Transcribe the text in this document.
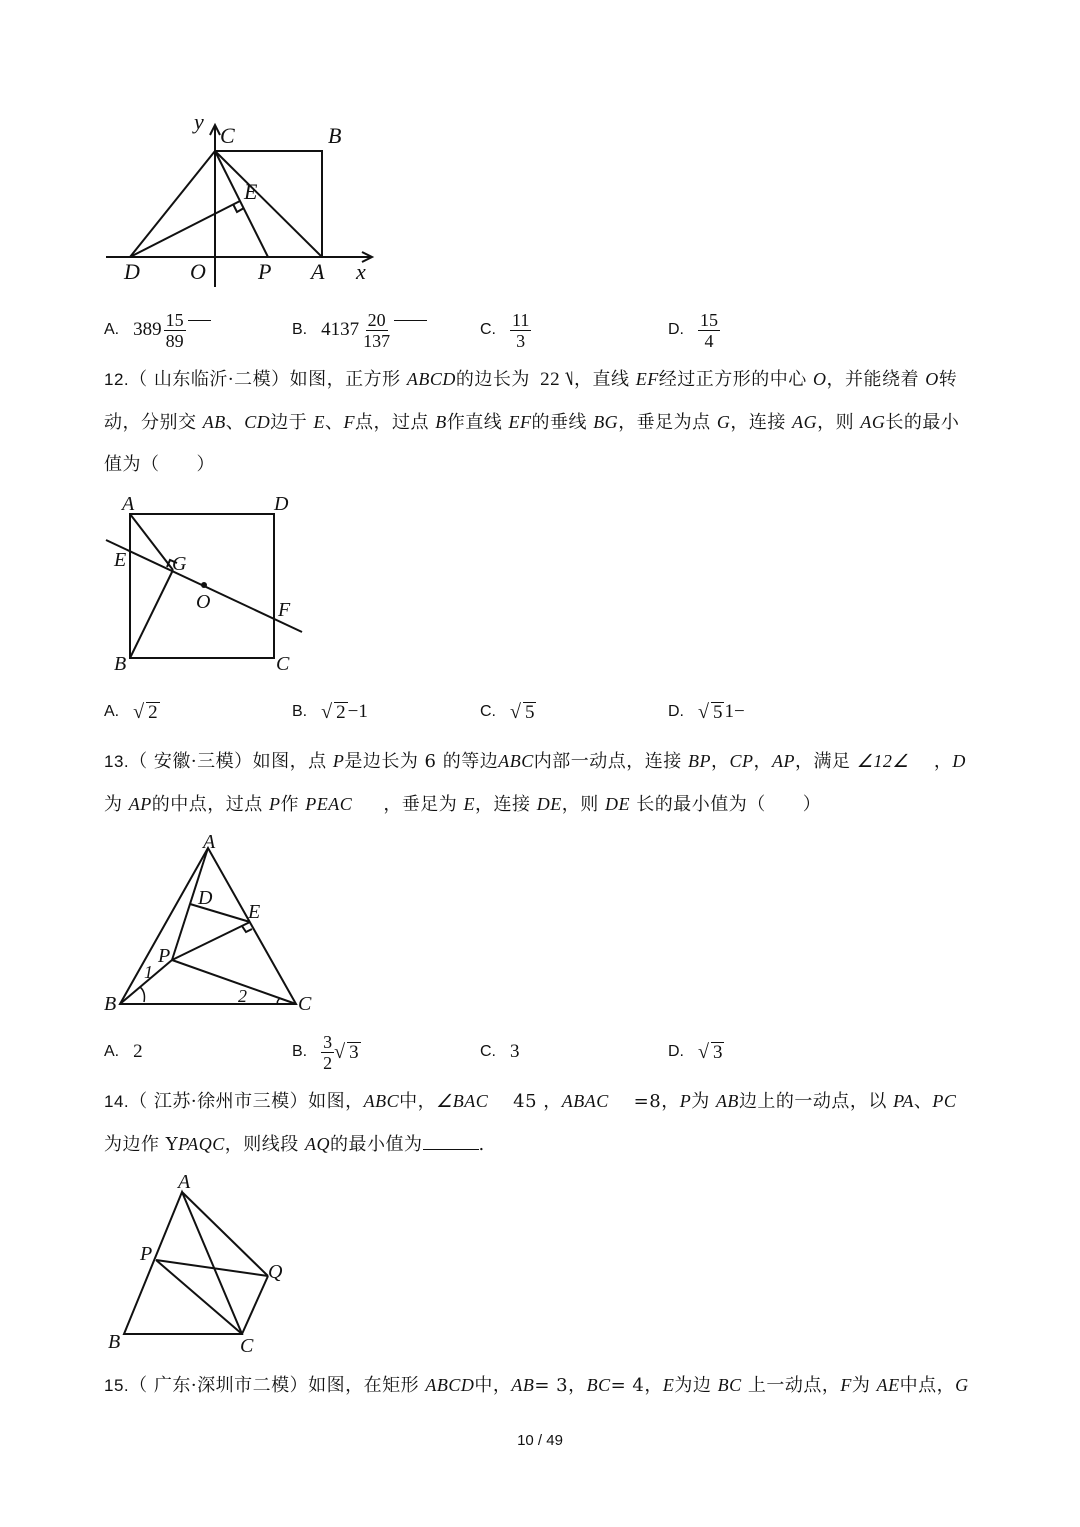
y
C	B
E
D O P A x
A. $389 \frac{15}{89}$
	B. $4137 \frac{20}{137}$
	C. $\frac{11}{3}$	D. $\frac{15}{4}$
12.（ 山东临沂·二模）如图，正方形 ABCD的边长为 22 ⎷，直线 EF经过正方形的中心 O，并能绕着 O转
动，分别交 AB、CD边于 E、F点，过点 B作直线 EF的垂线 BG，垂足为点 G，连接 AG，则 AG长的最小
值为（　　）
A	D
E G
O	F
B	C
A. √ 2	B. √ 2 −1	C. √ 5	D. √ 5 1−
13.（ 安徽·三模）如图，点 P是边长为 6 的等边ABC内部一动点，连接 BP，CP，AP，满足 ∠12∠ ，D
为 AP的中点，过点 P作 PEAC ，垂足为 E，连接 DE，则 DE 长的最小值为（　　）
A
D
E
P
1
B	2	C
A. 2	B. $\frac{3}{2}$ √ 3	C. 3	D. √ 3
14.（ 江苏·徐州市三模）如图，ABC中，∠BAC 45 ，ABAC =8，P为 AB边上的一动点，以 PA、PC
为边作 YPAQC，则线段 AQ的最小值为	.
A
P
Q
B	C
15.（ 广东·深圳市二模）如图，在矩形 ABCD中，AB= 3，BC= 4，E为边 BC 上一动点，F为 AE中点，G
10 / 49
